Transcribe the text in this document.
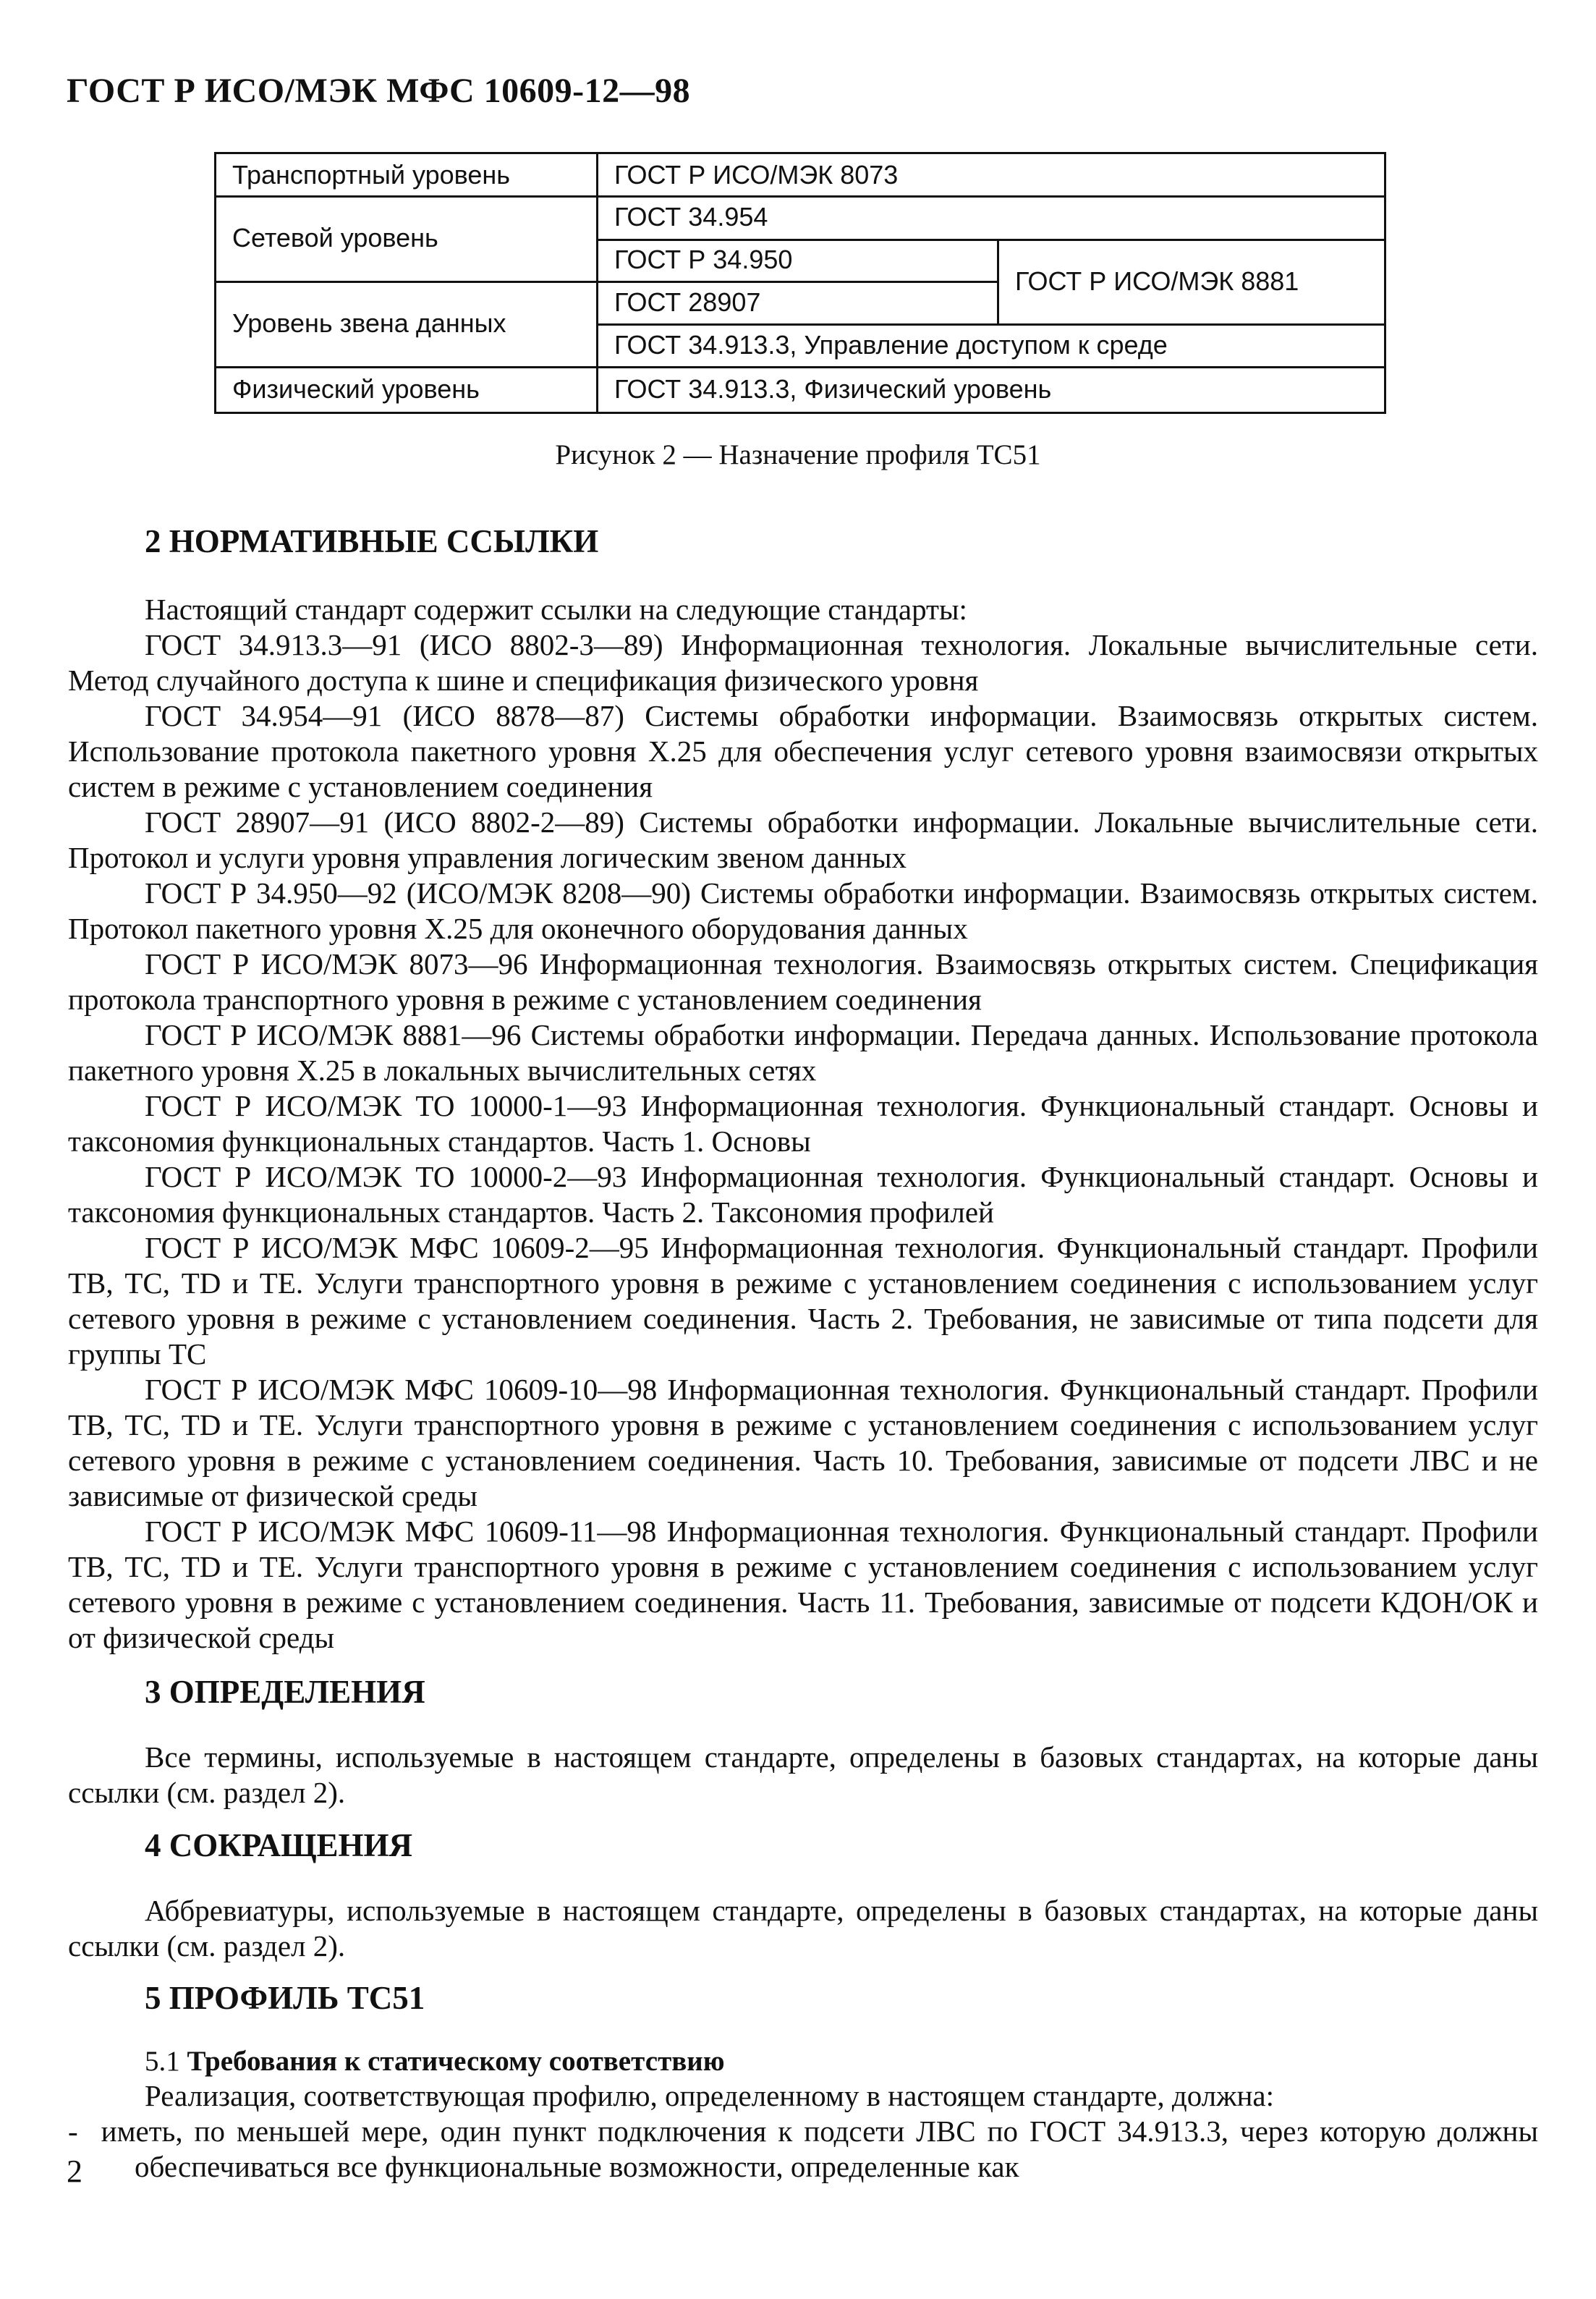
ГОСТ Р ИСО/МЭК МФС 10609-12—98
Транспортный уровень
Сетевой уровень
Уровень звена данных
Физический уровень
ГОСТ Р ИСО/МЭК 8073
ГОСТ 34.954
ГОСТ Р 34.950
ГОСТ Р ИСО/МЭК 8881
ГОСТ 28907
ГОСТ 34.913.3, Управление доступом к среде
ГОСТ 34.913.3, Физический уровень
Рисунок 2 — Назначение профиля ТС51
2 НОРМАТИВНЫЕ ССЫЛКИ

Настоящий стандарт содержит ссылки на следующие стандарты:

ГОСТ 34.913.3—91 (ИСО 8802-3—89) Информационная технология. Локальные вычислительные сети. Метод случайного доступа к шине и спецификация физического уровня

ГОСТ 34.954—91 (ИСО 8878—87) Системы обработки информации. Взаимосвязь открытых систем. Использование протокола пакетного уровня Х.25 для обеспечения услуг сетевого уровня взаимосвязи открытых систем в режиме с установлением соединения

ГОСТ 28907—91 (ИСО 8802-2—89) Системы обработки информации. Локальные вычислительные сети. Протокол и услуги уровня управления логическим звеном данных

ГОСТ Р 34.950—92 (ИСО/МЭК 8208—90) Системы обработки информации. Взаимосвязь открытых систем. Протокол пакетного уровня Х.25 для оконечного оборудования данных

ГОСТ Р ИСО/МЭК 8073—96 Информационная технология. Взаимосвязь открытых систем. Спецификация протокола транспортного уровня в режиме с установлением соединения

ГОСТ Р ИСО/МЭК 8881—96 Системы обработки информации. Передача данных. Использование протокола пакетного уровня Х.25 в локальных вычислительных сетях

ГОСТ Р ИСО/МЭК ТО 10000-1—93 Информационная технология. Функциональный стандарт. Основы и таксономия функциональных стандартов. Часть 1. Основы

ГОСТ Р ИСО/МЭК ТО 10000-2—93 Информационная технология. Функциональный стандарт. Основы и таксономия функциональных стандартов. Часть 2. Таксономия профилей

ГОСТ Р ИСО/МЭК МФС 10609-2—95 Информационная технология. Функциональный стандарт. Профили ТВ, ТС, TD и ТЕ. Услуги транспортного уровня в режиме с установлением соединения с использованием услуг сетевого уровня в режиме с установлением соединения. Часть 2. Требования, не зависимые от типа подсети для группы ТС

ГОСТ Р ИСО/МЭК МФС 10609-10—98 Информационная технология. Функциональный стандарт. Профили ТВ, ТС, TD и ТЕ. Услуги транспортного уровня в режиме с установлением соединения с использованием услуг сетевого уровня в режиме с установлением соединения. Часть 10. Требования, зависимые от подсети ЛВС и не зависимые от физической среды

ГОСТ Р ИСО/МЭК МФС 10609-11—98 Информационная технология. Функциональный стандарт. Профили ТВ, ТС, TD и ТЕ. Услуги транспортного уровня в режиме с установлением соединения с использованием услуг сетевого уровня в режиме с установлением соединения. Часть 11. Требования, зависимые от подсети КДОН/ОК и от физической среды

3 ОПРЕДЕЛЕНИЯ

Все термины, используемые в настоящем стандарте, определены в базовых стандартах, на которые даны ссылки (см. раздел 2).

4 СОКРАЩЕНИЯ

Аббревиатуры, используемые в настоящем стандарте, определены в базовых стандартах, на которые даны ссылки (см. раздел 2).

5 ПРОФИЛЬ ТС51
5.1 Требования к статическому соответствию

Реализация, соответствующая профилю, определенному в настоящем стандарте, должна:

-  иметь, по меньшей мере, один пункт подключения к подсети ЛВС по ГОСТ 34.913.3, через которую должны обеспечиваться все функциональные возможности, определенные как

2
